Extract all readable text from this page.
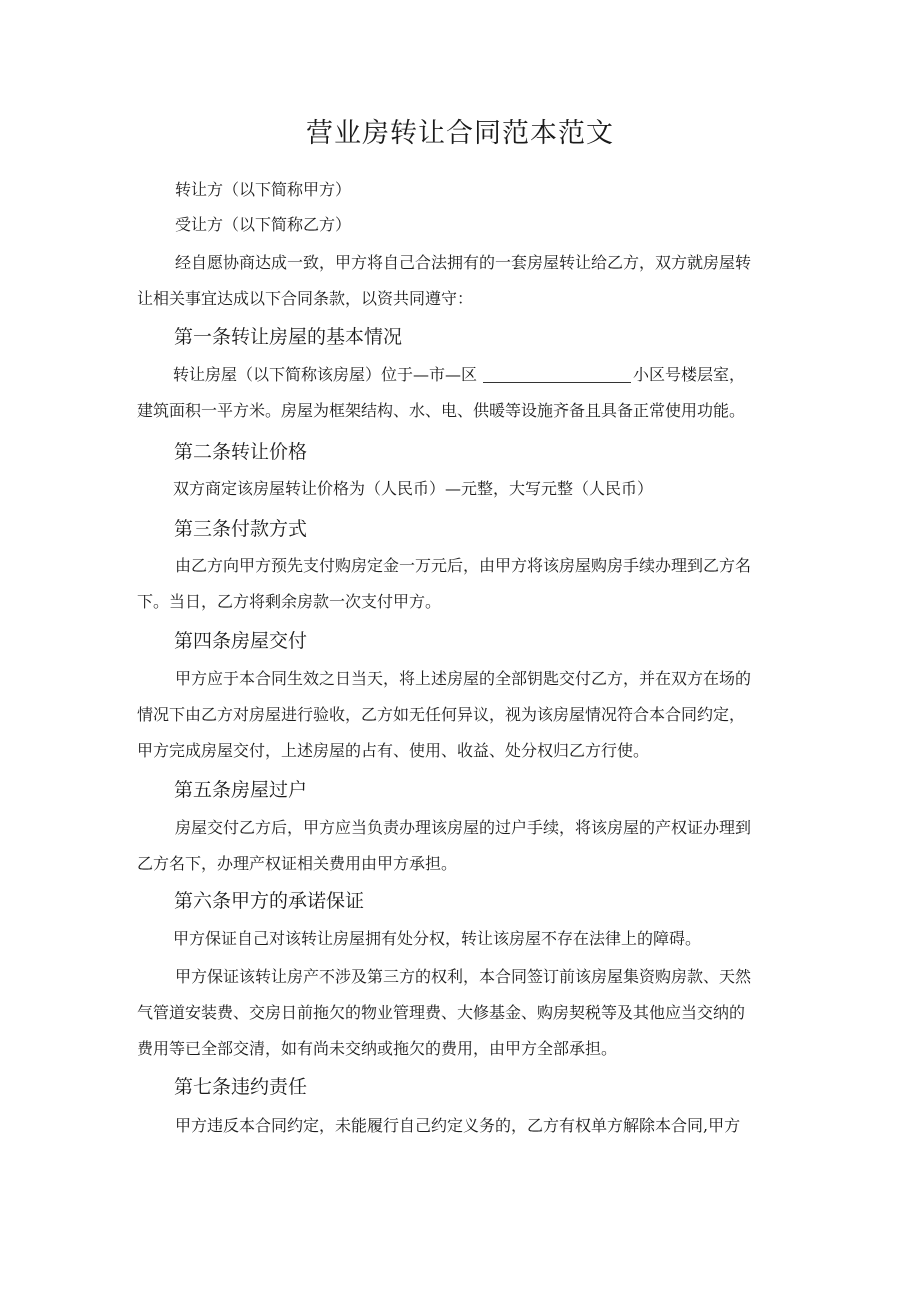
营业房转让合同范本范文
转让方（以下简称甲方）
受让方（以下简称乙方）
经自愿协商达成一致，甲方将自己合法拥有的一套房屋转让给乙方，双方就房屋转
让相关事宜达成以下合同条款，以资共同遵守：
第一条转让房屋的基本情况
转让房屋（以下简称该房屋）位于—市—区	小区号楼层室，
建筑面积一平方米。房屋为框架结构、水、电、供暖等设施齐备且具备正常使用功能。
第二条转让价格
双方商定该房屋转让价格为（人民币）—元整，大写元整（人民币）
第三条付款方式
由乙方向甲方预先支付购房定金一万元后，由甲方将该房屋购房手续办理到乙方名
下。当日，乙方将剩余房款一次支付甲方。
第四条房屋交付
甲方应于本合同生效之日当天，将上述房屋的全部钥匙交付乙方，并在双方在场的
情况下由乙方对房屋进行验收，乙方如无任何异议，视为该房屋情况符合本合同约定，
甲方完成房屋交付，上述房屋的占有、使用、收益、处分权归乙方行使。
第五条房屋过户
房屋交付乙方后，甲方应当负责办理该房屋的过户手续，将该房屋的产权证办理到
乙方名下，办理产权证相关费用由甲方承担。
第六条甲方的承诺保证
甲方保证自己对该转让房屋拥有处分权，转让该房屋不存在法律上的障碍。
甲方保证该转让房产不涉及第三方的权利，本合同签订前该房屋集资购房款、天然
气管道安装费、交房日前拖欠的物业管理费、大修基金、购房契税等及其他应当交纳的
费用等已全部交清，如有尚未交纳或拖欠的费用，由甲方全部承担。
第七条违约责任
甲方违反本合同约定，未能履行自己约定义务的，乙方有权单方解除本合同,甲方
